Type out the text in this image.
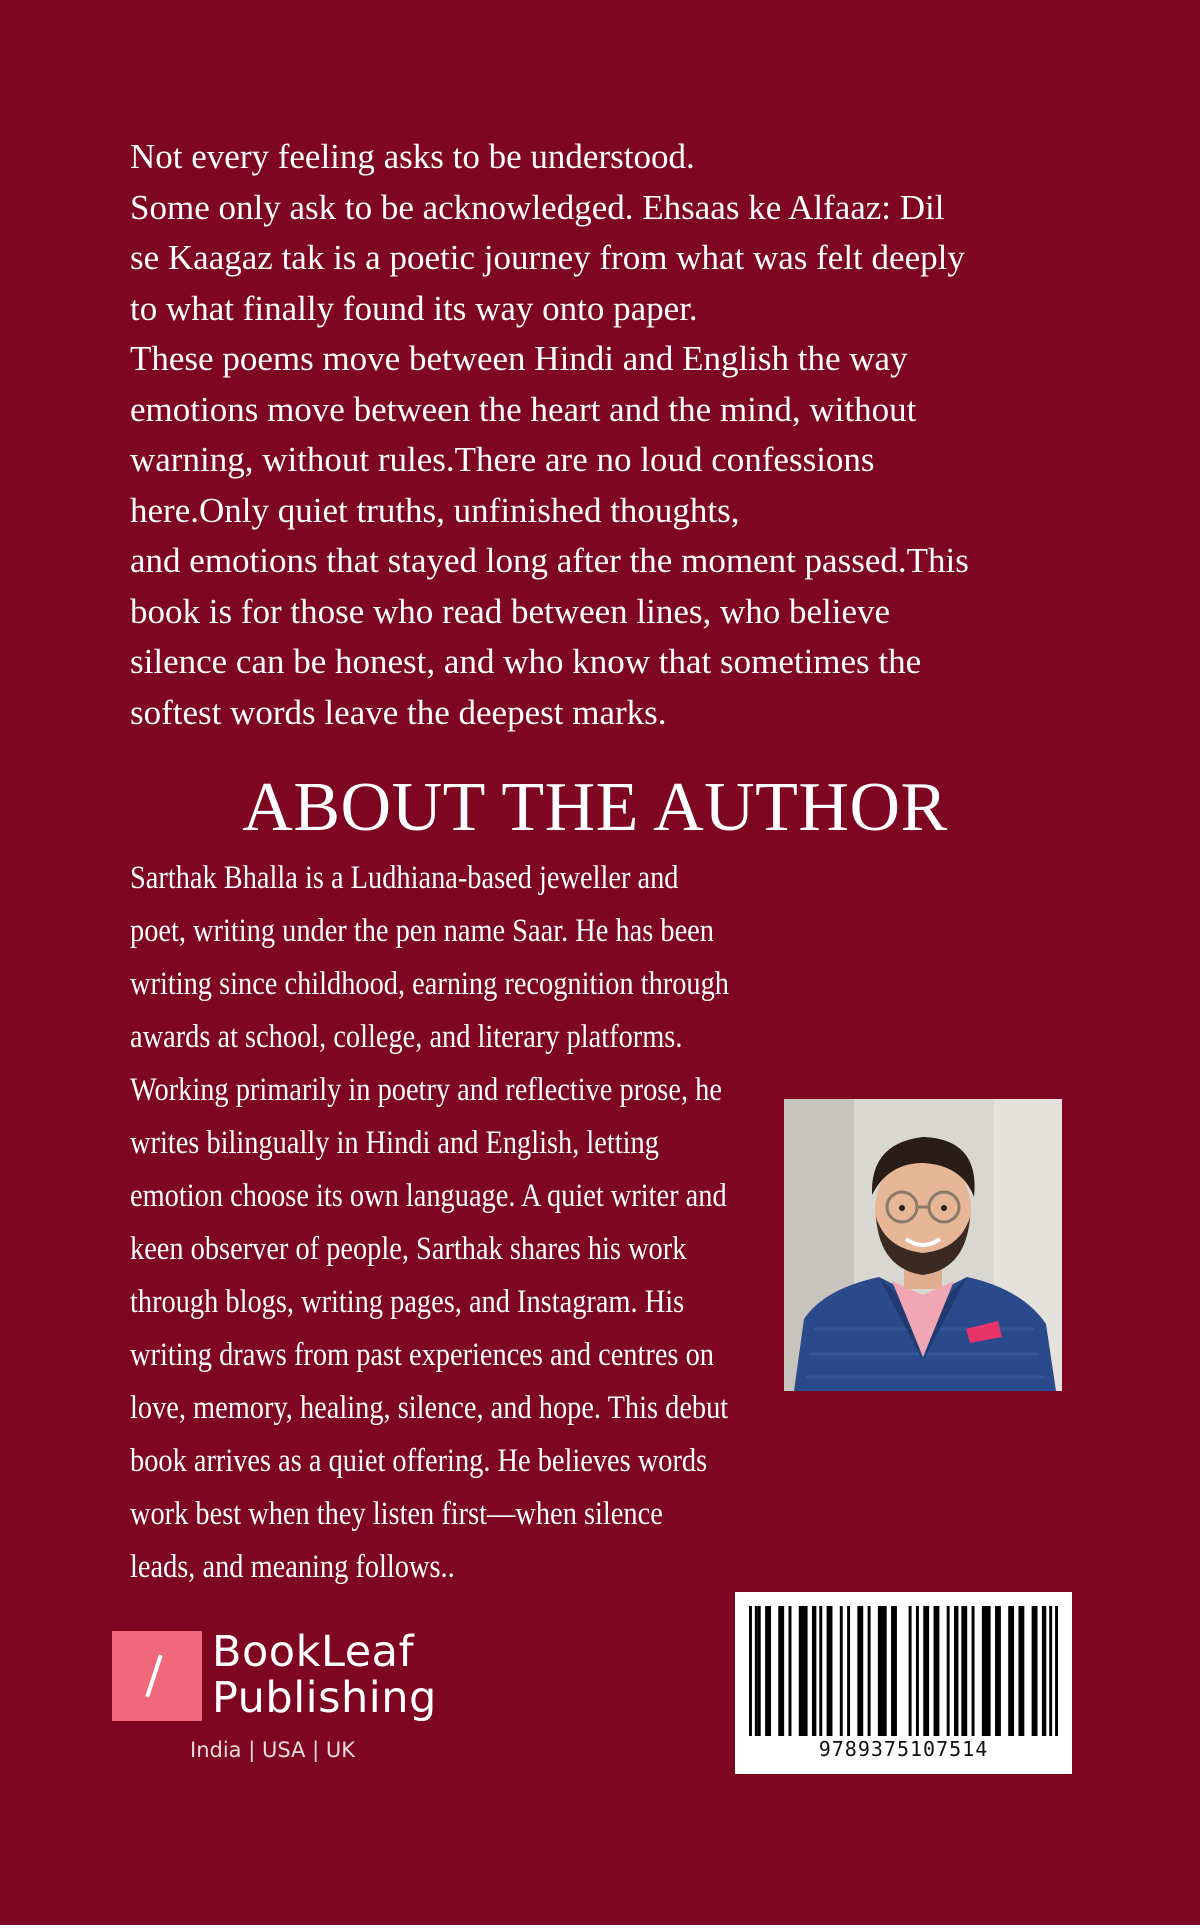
Not every feeling asks to be understood.
Some only ask to be acknowledged. Ehsaas ke Alfaaz: Dil
se Kaagaz tak is a poetic journey from what was felt deeply
to what finally found its way onto paper.
These poems move between Hindi and English the way
emotions move between the heart and the mind, without
warning, without rules.There are no loud confessions
here.Only quiet truths, unfinished thoughts,
and emotions that stayed long after the moment passed.This
book is for those who read between lines, who believe
silence can be honest, and who know that sometimes the
softest words leave the deepest marks.
ABOUT THE AUTHOR
Sarthak Bhalla is a Ludhiana-based jeweller and
poet, writing under the pen name Saar. He has been
writing since childhood, earning recognition through
awards at school, college, and literary platforms.
Working primarily in poetry and reflective prose, he
writes bilingually in Hindi and English, letting
emotion choose its own language. A quiet writer and
keen observer of people, Sarthak shares his work
through blogs, writing pages, and Instagram. His
writing draws from past experiences and centres on
love, memory, healing, silence, and hope. This debut
book arrives as a quiet offering. He believes words
work best when they listen first—when silence
leads, and meaning follows..
BookLeaf
Publishing
India | USA | UK	9789375107514
